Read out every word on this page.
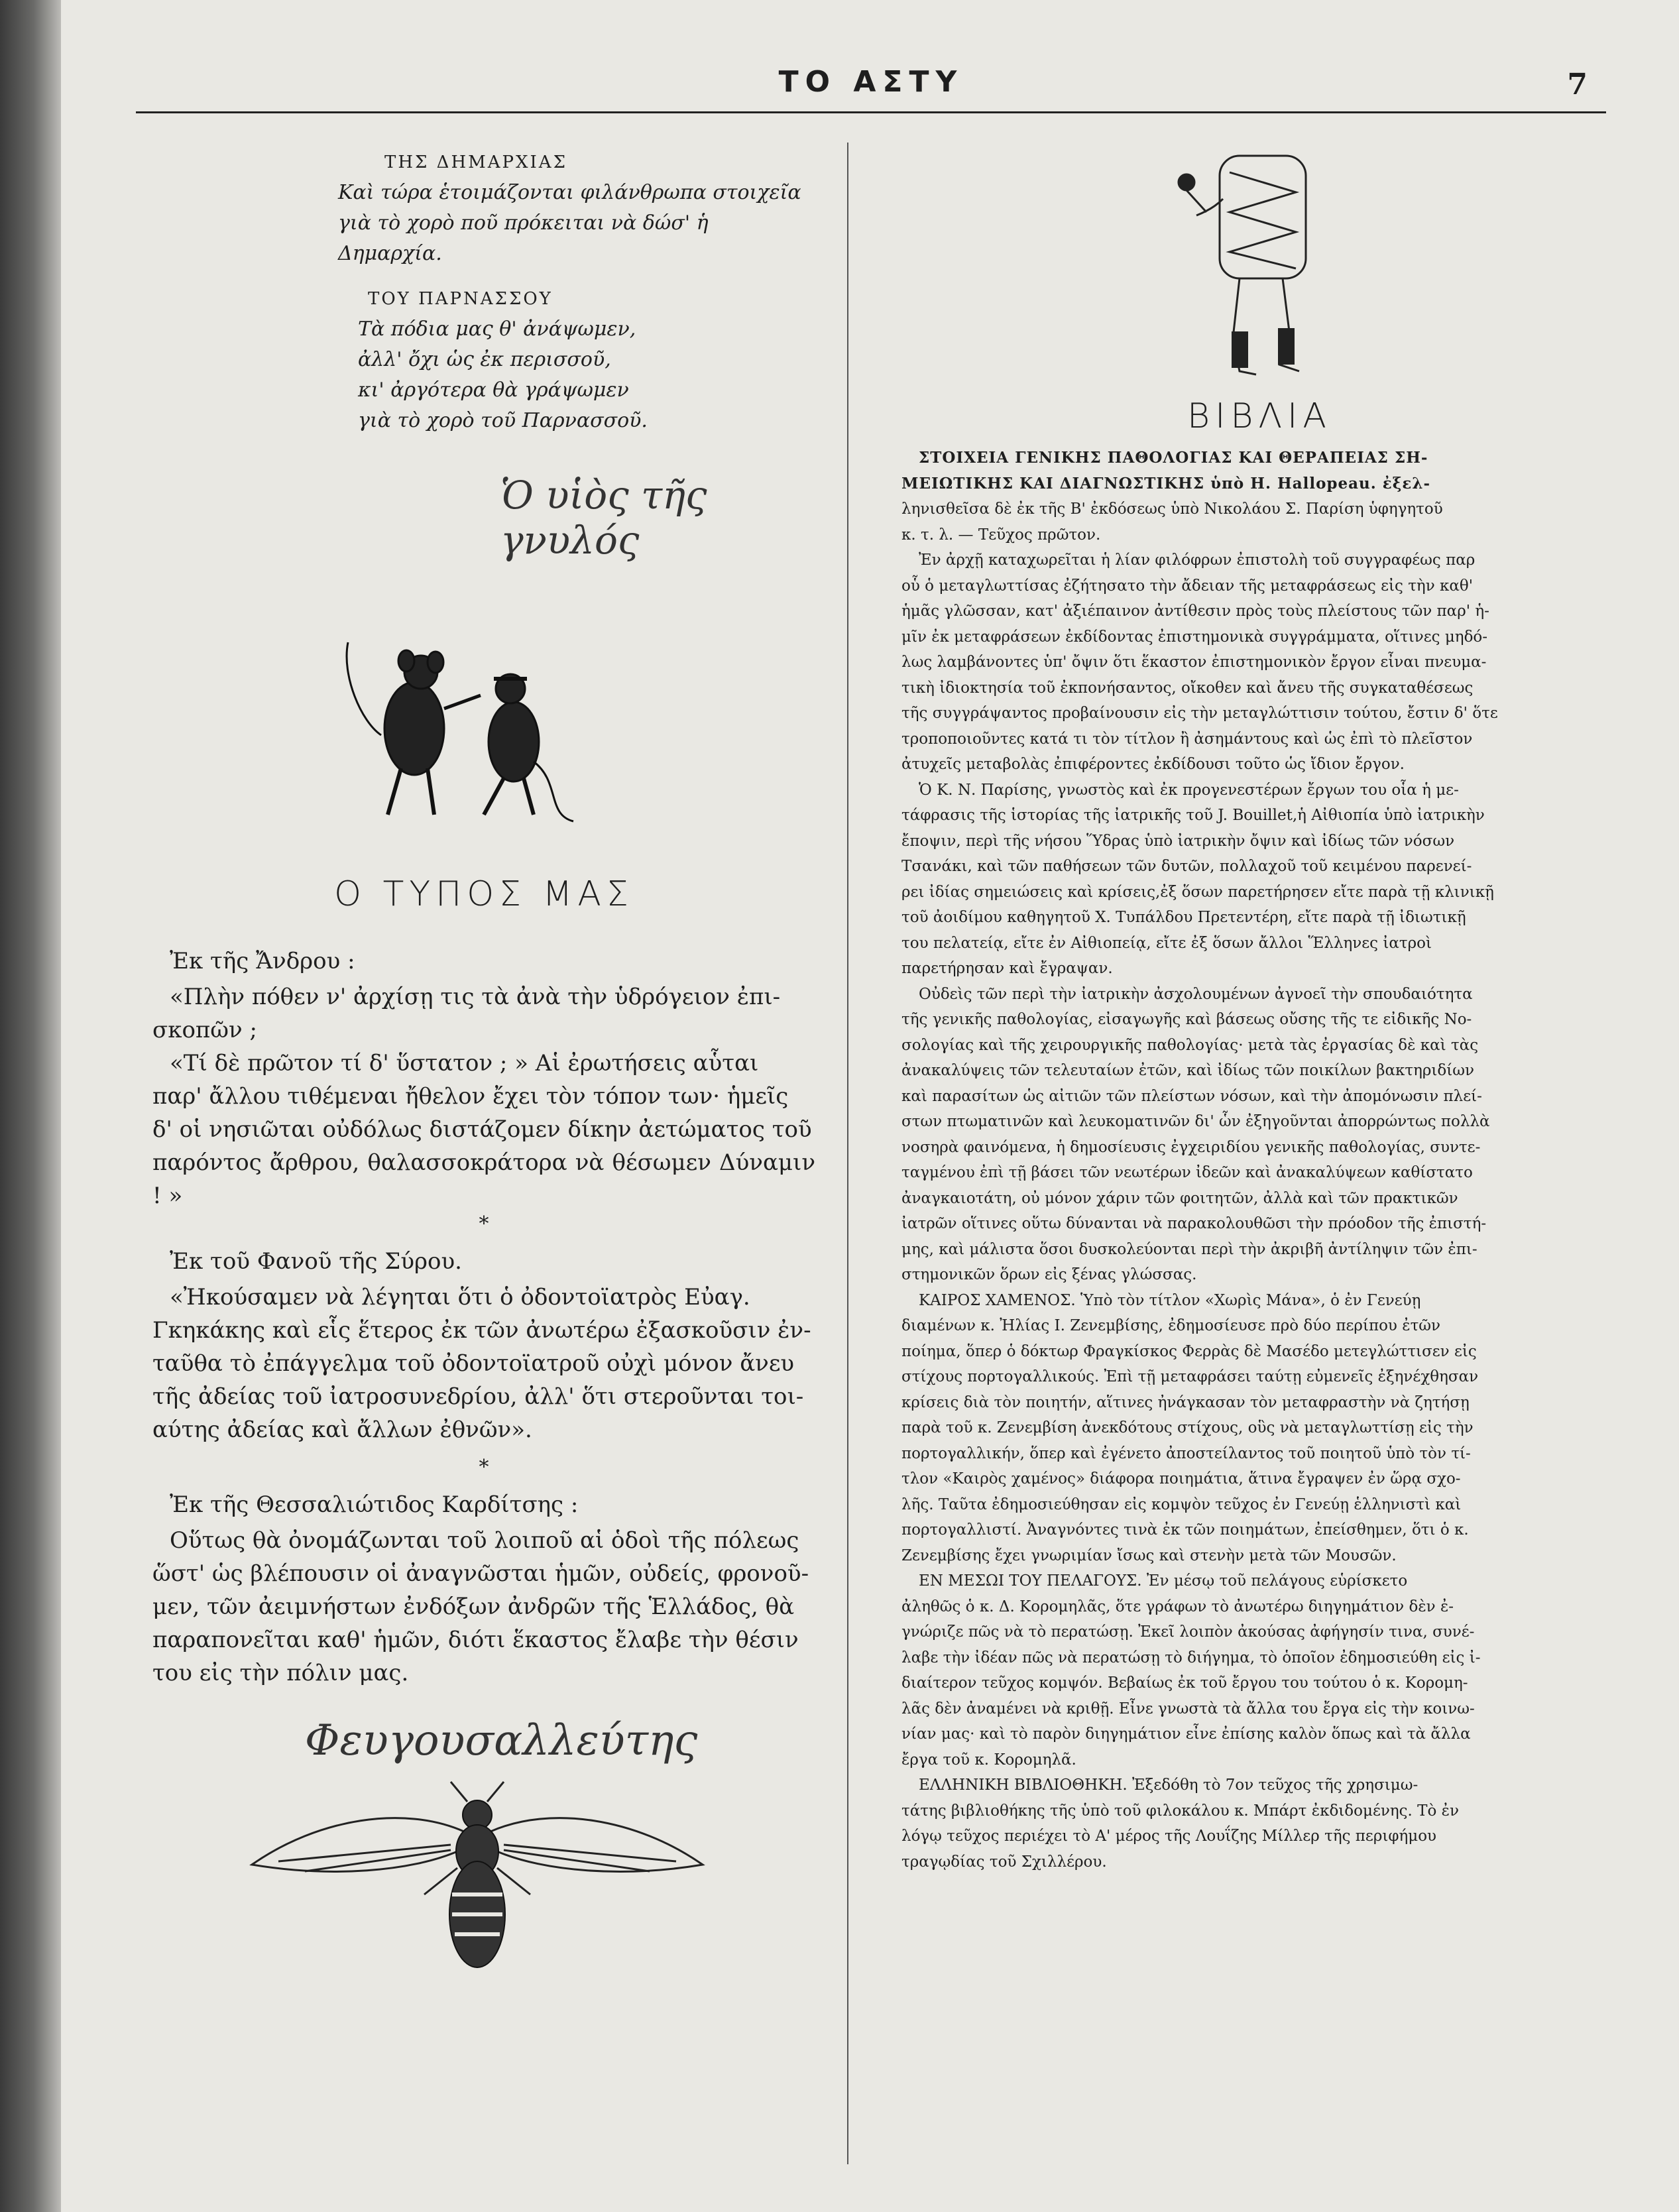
ΤΟ ΑΣΤΥ	7
ΤΗΣ ΔΗΜΑΡΧΙΑΣ
Καὶ τώρα ἑτοιμάζονται φιλάνθρωπα στοιχεῖα
γιὰ τὸ χορὸ ποῦ πρόκειται νὰ δώσ' ἡ Δημαρχία.
ΤΟΥ ΠΑΡΝΑΣΣΟΥ
Τὰ πόδια μας θ' ἀνάψωμεν,
ἀλλ' ὄχι ὡς ἐκ περισσοῦ,
κι' ἀργότερα θὰ γράψωμεν
γιὰ τὸ χορὸ τοῦ Παρνασσοῦ.
Ὁ υἱὸς τῆς γνυλός
Ο ΤΥΠΟΣ ΜΑΣ

Ἐκ τῆς Ἄνδρου :

«Πλὴν πόθεν ν' ἀρχίσῃ τις τὰ ἀνὰ τὴν ὑδρόγειον ἐπι-

σκοπῶν ;

«Τί δὲ πρῶτον τί δ' ὕστατον ; » Αἱ ἐρωτήσεις αὗται

παρ' ἄλλου τιθέμεναι ἤθελον ἔχει τὸν τόπον των· ἡμεῖς

δ' οἱ νησιῶται οὐδόλως διστάζομεν δίκην ἀετώματος τοῦ

παρόντος ἄρθρου, θαλασσοκράτορα νὰ θέσωμεν Δύναμιν ! »

*

Ἐκ τοῦ Φανοῦ τῆς Σύρου.

«Ἠκούσαμεν νὰ λέγηται ὅτι ὁ ὀδοντοϊατρὸς Εὐαγ.

Γκηκάκης καὶ εἷς ἕτερος ἐκ τῶν ἀνωτέρω ἐξασκοῦσιν ἐν-

ταῦθα τὸ ἐπάγγελμα τοῦ ὀδοντοϊατροῦ οὐχὶ μόνον ἄνευ

τῆς ἀδείας τοῦ ἰατροσυνεδρίου, ἀλλ' ὅτι στεροῦνται τοι-

αύτης ἀδείας καὶ ἄλλων ἐθνῶν».

*

Ἐκ τῆς Θεσσαλιώτιδος Καρδίτσης :

Οὕτως θὰ ὀνομάζωνται τοῦ λοιποῦ αἱ ὁδοὶ τῆς πόλεως

ὥστ' ὡς βλέπουσιν οἱ ἀναγνῶσται ἡμῶν, οὐδείς, φρονοῦ-

μεν, τῶν ἀειμνήστων ἐνδόξων ἀνδρῶν τῆς Ἑλλάδος, θὰ

παραπονεῖται καθ' ἡμῶν, διότι ἕκαστος ἔλαβε τὴν θέσιν

του εἰς τὴν πόλιν μας.

Φευγουσαλλεύτης
ΒΙΒΛΙΑ

ΣΤΟΙΧΕΙΑ ΓΕΝΙΚΗΣ ΠΑΘΟΛΟΓΙΑΣ ΚΑΙ ΘΕΡΑΠΕΙΑΣ ΣΗ-

ΜΕΙΩΤΙΚΗΣ ΚΑΙ ΔΙΑΓΝΩΣΤΙΚΗΣ ὑπὸ Η. Hallopeau. ἐξελ-

ληνισθεῖσα δὲ ἐκ τῆς Β' ἐκδόσεως ὑπὸ Νικολάου Σ. Παρίση ὑφηγητοῦ

κ. τ. λ. — Τεῦχος πρῶτον.

Ἐν ἀρχῇ καταχωρεῖται ἡ λίαν φιλόφρων ἐπιστολὴ τοῦ συγγραφέως παρ

οὗ ὁ μεταγλωττίσας ἐζήτησατο τὴν ἄδειαν τῆς μεταφράσεως εἰς τὴν καθ'

ἡμᾶς γλῶσσαν, κατ' ἀξιέπαινον ἀντίθεσιν πρὸς τοὺς πλείστους τῶν παρ' ἡ-

μῖν ἐκ μεταφράσεων ἐκδίδοντας ἐπιστημονικὰ συγγράμματα, οἵτινες μηδό-

λως λαμβάνοντες ὑπ' ὄψιν ὅτι ἕκαστον ἐπιστημονικὸν ἔργον εἶναι πνευμα-

τικὴ ἰδιοκτησία τοῦ ἐκπονήσαντος, οἴκοθεν καὶ ἄνευ τῆς συγκαταθέσεως

τῆς συγγράψαντος προβαίνουσιν εἰς τὴν μεταγλώττισιν τούτου, ἔστιν δ' ὅτε

τροποποιοῦντες κατά τι τὸν τίτλον ἢ ἀσημάντους καὶ ὡς ἐπὶ τὸ πλεῖστον

ἀτυχεῖς μεταβολὰς ἐπιφέροντες ἐκδίδουσι τοῦτο ὡς ἴδιον ἔργον.

Ὁ Κ. Ν. Παρίσης, γνωστὸς καὶ ἐκ προγενεστέρων ἔργων του οἷα ἡ με-

τάφρασις τῆς ἱστορίας τῆς ἰατρικῆς τοῦ J. Bouillet,ἡ Αἰθιοπία ὑπὸ ἰατρικὴν

ἔποψιν, περὶ τῆς νήσου Ὕδρας ὑπὸ ἰατρικὴν ὄψιν καὶ ἰδίως τῶν νόσων

Τσανάκι, καὶ τῶν παθήσεων τῶν δυτῶν, πολλαχοῦ τοῦ κειμένου παρενεί-

ρει ἰδίας σημειώσεις καὶ κρίσεις,ἐξ ὅσων παρετήρησεν εἴτε παρὰ τῇ κλινικῇ

τοῦ ἀοιδίμου καθηγητοῦ Χ. Τυπάλδου Πρετεντέρη, εἴτε παρὰ τῇ ἰδιωτικῇ

του πελατείᾳ, εἴτε ἐν Αἰθιοπείᾳ, εἴτε ἐξ ὅσων ἄλλοι Ἕλληνες ἰατροὶ

παρετήρησαν καὶ ἔγραψαν.

Οὐδεὶς τῶν περὶ τὴν ἰατρικὴν ἀσχολουμένων ἀγνοεῖ τὴν σπουδαιότητα

τῆς γενικῆς παθολογίας, εἰσαγωγῆς καὶ βάσεως οὔσης τῆς τε εἰδικῆς Νο-

σολογίας καὶ τῆς χειρουργικῆς παθολογίας· μετὰ τὰς ἐργασίας δὲ καὶ τὰς

ἀνακαλύψεις τῶν τελευταίων ἐτῶν, καὶ ἰδίως τῶν ποικίλων βακτηριδίων

καὶ παρασίτων ὡς αἰτιῶν τῶν πλείστων νόσων, καὶ τὴν ἀπομόνωσιν πλεί-

στων πτωματινῶν καὶ λευκοματινῶν δι' ὧν ἐξηγοῦνται ἀπορρώντως πολλὰ

νοσηρὰ φαινόμενα, ἡ δημοσίευσις ἐγχειριδίου γενικῆς παθολογίας, συντε-

ταγμένου ἐπὶ τῇ βάσει τῶν νεωτέρων ἰδεῶν καὶ ἀνακαλύψεων καθίστατο

ἀναγκαιοτάτη, οὐ μόνον χάριν τῶν φοιτητῶν, ἀλλὰ καὶ τῶν πρακτικῶν

ἰατρῶν οἵτινες οὕτω δύνανται νὰ παρακολουθῶσι τὴν πρόοδον τῆς ἐπιστή-

μης, καὶ μάλιστα ὅσοι δυσκολεύονται περὶ τὴν ἀκριβῆ ἀντίληψιν τῶν ἐπι-

στημονικῶν ὅρων εἰς ξένας γλώσσας.

ΚΑΙΡΟΣ ΧΑΜΕΝΟΣ. Ὑπὸ τὸν τίτλον «Χωρὶς Μάνα», ὁ ἐν Γενεύῃ

διαμένων κ. Ἠλίας Ι. Ζενεμβίσης, ἐδημοσίευσε πρὸ δύο περίπου ἐτῶν

ποίημα, ὅπερ ὁ δόκτωρ Φραγκίσκος Φερρὰς δὲ Μασέδο μετεγλώττισεν εἰς

στίχους πορτογαλλικούς. Ἐπὶ τῇ μεταφράσει ταύτῃ εὐμενεῖς ἐξηνέχθησαν

κρίσεις διὰ τὸν ποιητήν, αἵτινες ἠνάγκασαν τὸν μεταφραστὴν νὰ ζητήσῃ

παρὰ τοῦ κ. Ζενεμβίση ἀνεκδότους στίχους, οὓς νὰ μεταγλωττίσῃ εἰς τὴν

πορτογαλλικήν, ὅπερ καὶ ἐγένετο ἀποστείλαντος τοῦ ποιητοῦ ὑπὸ τὸν τί-

τλον «Καιρὸς χαμένος» διάφορα ποιημάτια, ἅτινα ἔγραψεν ἐν ὥρᾳ σχο-

λῆς. Ταῦτα ἐδημοσιεύθησαν εἰς κομψὸν τεῦχος ἐν Γενεύῃ ἑλληνιστὶ καὶ

πορτογαλλιστί. Ἀναγνόντες τινὰ ἐκ τῶν ποιημάτων, ἐπείσθημεν, ὅτι ὁ κ.

Ζενεμβίσης ἔχει γνωριμίαν ἴσως καὶ στενὴν μετὰ τῶν Μουσῶν.

ΕΝ ΜΕΣΩΙ ΤΟΥ ΠΕΛΑΓΟΥΣ. Ἐν μέσῳ τοῦ πελάγους εὑρίσκετο

ἀληθῶς ὁ κ. Δ. Κορομηλᾶς, ὅτε γράφων τὸ ἀνωτέρω διηγημάτιον δὲν ἐ-

γνώριζε πῶς νὰ τὸ περατώσῃ. Ἐκεῖ λοιπὸν ἀκούσας ἀφήγησίν τινα, συνέ-

λαβε τὴν ἰδέαν πῶς νὰ περατώσῃ τὸ διήγημα, τὸ ὁποῖον ἐδημοσιεύθη εἰς ἰ-

διαίτερον τεῦχος κομψόν. Βεβαίως ἐκ τοῦ ἔργου του τούτου ὁ κ. Κορομη-

λᾶς δὲν ἀναμένει νὰ κριθῇ. Εἶνε γνωστὰ τὰ ἄλλα του ἔργα εἰς τὴν κοινω-

νίαν μας· καὶ τὸ παρὸν διηγημάτιον εἶνε ἐπίσης καλὸν ὅπως καὶ τὰ ἄλλα

ἔργα τοῦ κ. Κορομηλᾶ.

ΕΛΛΗΝΙΚΗ ΒΙΒΛΙΟΘΗΚΗ. Ἐξεδόθη τὸ 7ον τεῦχος τῆς χρησιμω-

τάτης βιβλιοθήκης τῆς ὑπὸ τοῦ φιλοκάλου κ. Μπάρτ ἐκδιδομένης. Τὸ ἐν

λόγῳ τεῦχος περιέχει τὸ Α' μέρος τῆς Λουΐζης Μίλλερ τῆς περιφήμου

τραγῳδίας τοῦ Σχιλλέρου.
